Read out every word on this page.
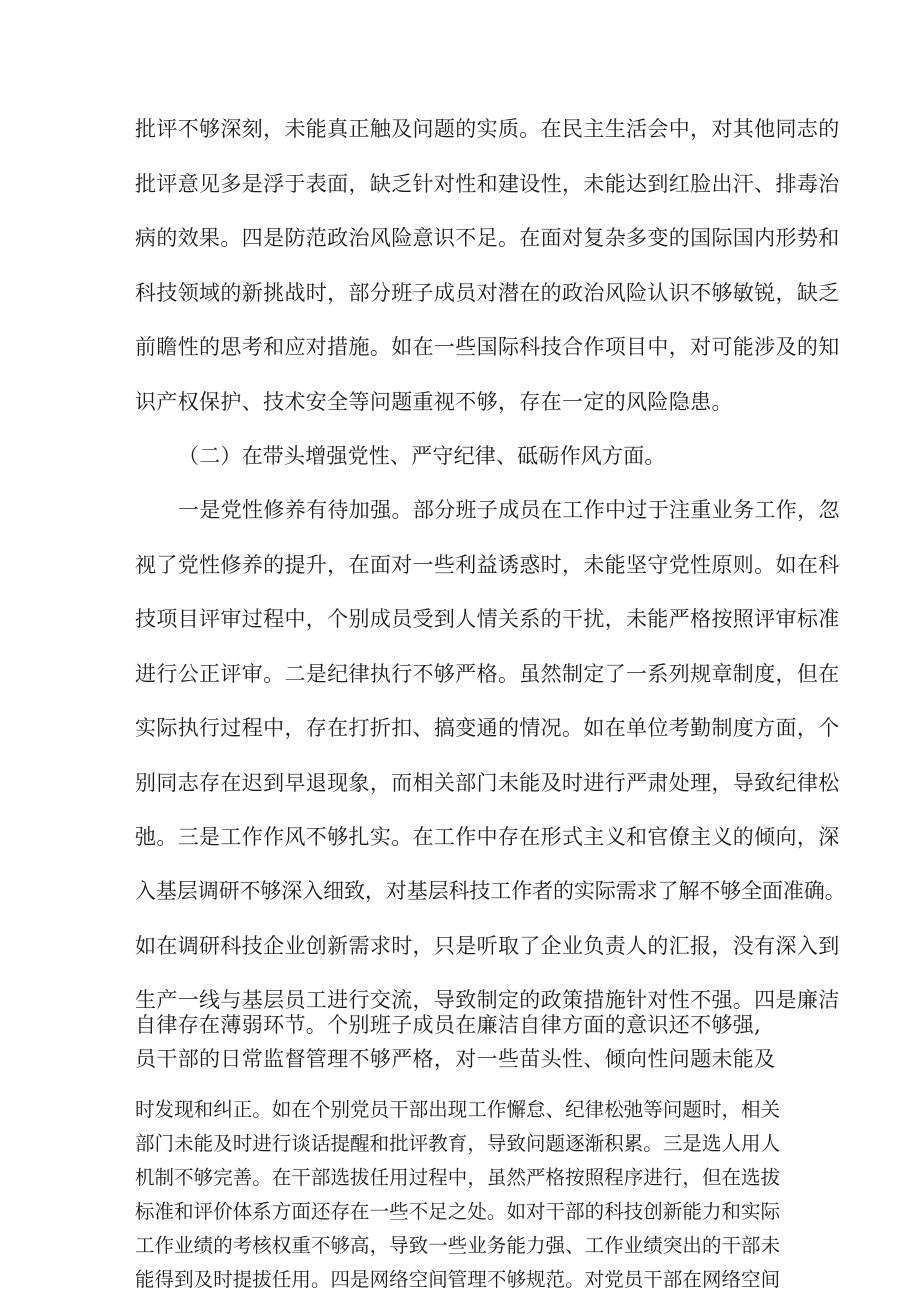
批评不够深刻，未能真正触及问题的实质。在民主生活会中，对其他同志的
批评意见多是浮于表面，缺乏针对性和建设性，未能达到红脸出汗、排毒治
病的效果。四是防范政治风险意识不足。在面对复杂多变的国际国内形势和
科技领域的新挑战时，部分班子成员对潜在的政治风险认识不够敏锐，缺乏
前瞻性的思考和应对措施。如在一些国际科技合作项目中，对可能涉及的知
识产权保护、技术安全等问题重视不够，存在一定的风险隐患。
（二）在带头增强党性、严守纪律、砥砺作风方面。
一是党性修养有待加强。部分班子成员在工作中过于注重业务工作，忽
视了党性修养的提升，在面对一些利益诱惑时，未能坚守党性原则。如在科
技项目评审过程中，个别成员受到人情关系的干扰，未能严格按照评审标准
进行公正评审。二是纪律执行不够严格。虽然制定了一系列规章制度，但在
实际执行过程中，存在打折扣、搞变通的情况。如在单位考勤制度方面，个
别同志存在迟到早退现象，而相关部门未能及时进行严肃处理，导致纪律松
弛。三是工作作风不够扎实。在工作中存在形式主义和官僚主义的倾向，深
入基层调研不够深入细致，对基层科技工作者的实际需求了解不够全面准确。
如在调研科技企业创新需求时，只是听取了企业负责人的汇报，没有深入到
生产一线与基层员工进行交流，导致制定的政策措施针对性不强。四是廉洁
自律存在薄弱环节。个别班子成员在廉洁自律方面的意识还不够强,
员干部的日常监督管理不够严格，对一些苗头性、倾向性问题未能及
时发现和纠正。如在个别党员干部出现工作懈怠、纪律松弛等问题时，相关
部门未能及时进行谈话提醒和批评教育，导致问题逐渐积累。三是选人用人
机制不够完善。在干部选拔任用过程中，虽然严格按照程序进行，但在选拔
标准和评价体系方面还存在一些不足之处。如对干部的科技创新能力和实际
工作业绩的考核权重不够高，导致一些业务能力强、工作业绩突出的干部未
能得到及时提拔任用。四是网络空间管理不够规范。对党员干部在网络空间
